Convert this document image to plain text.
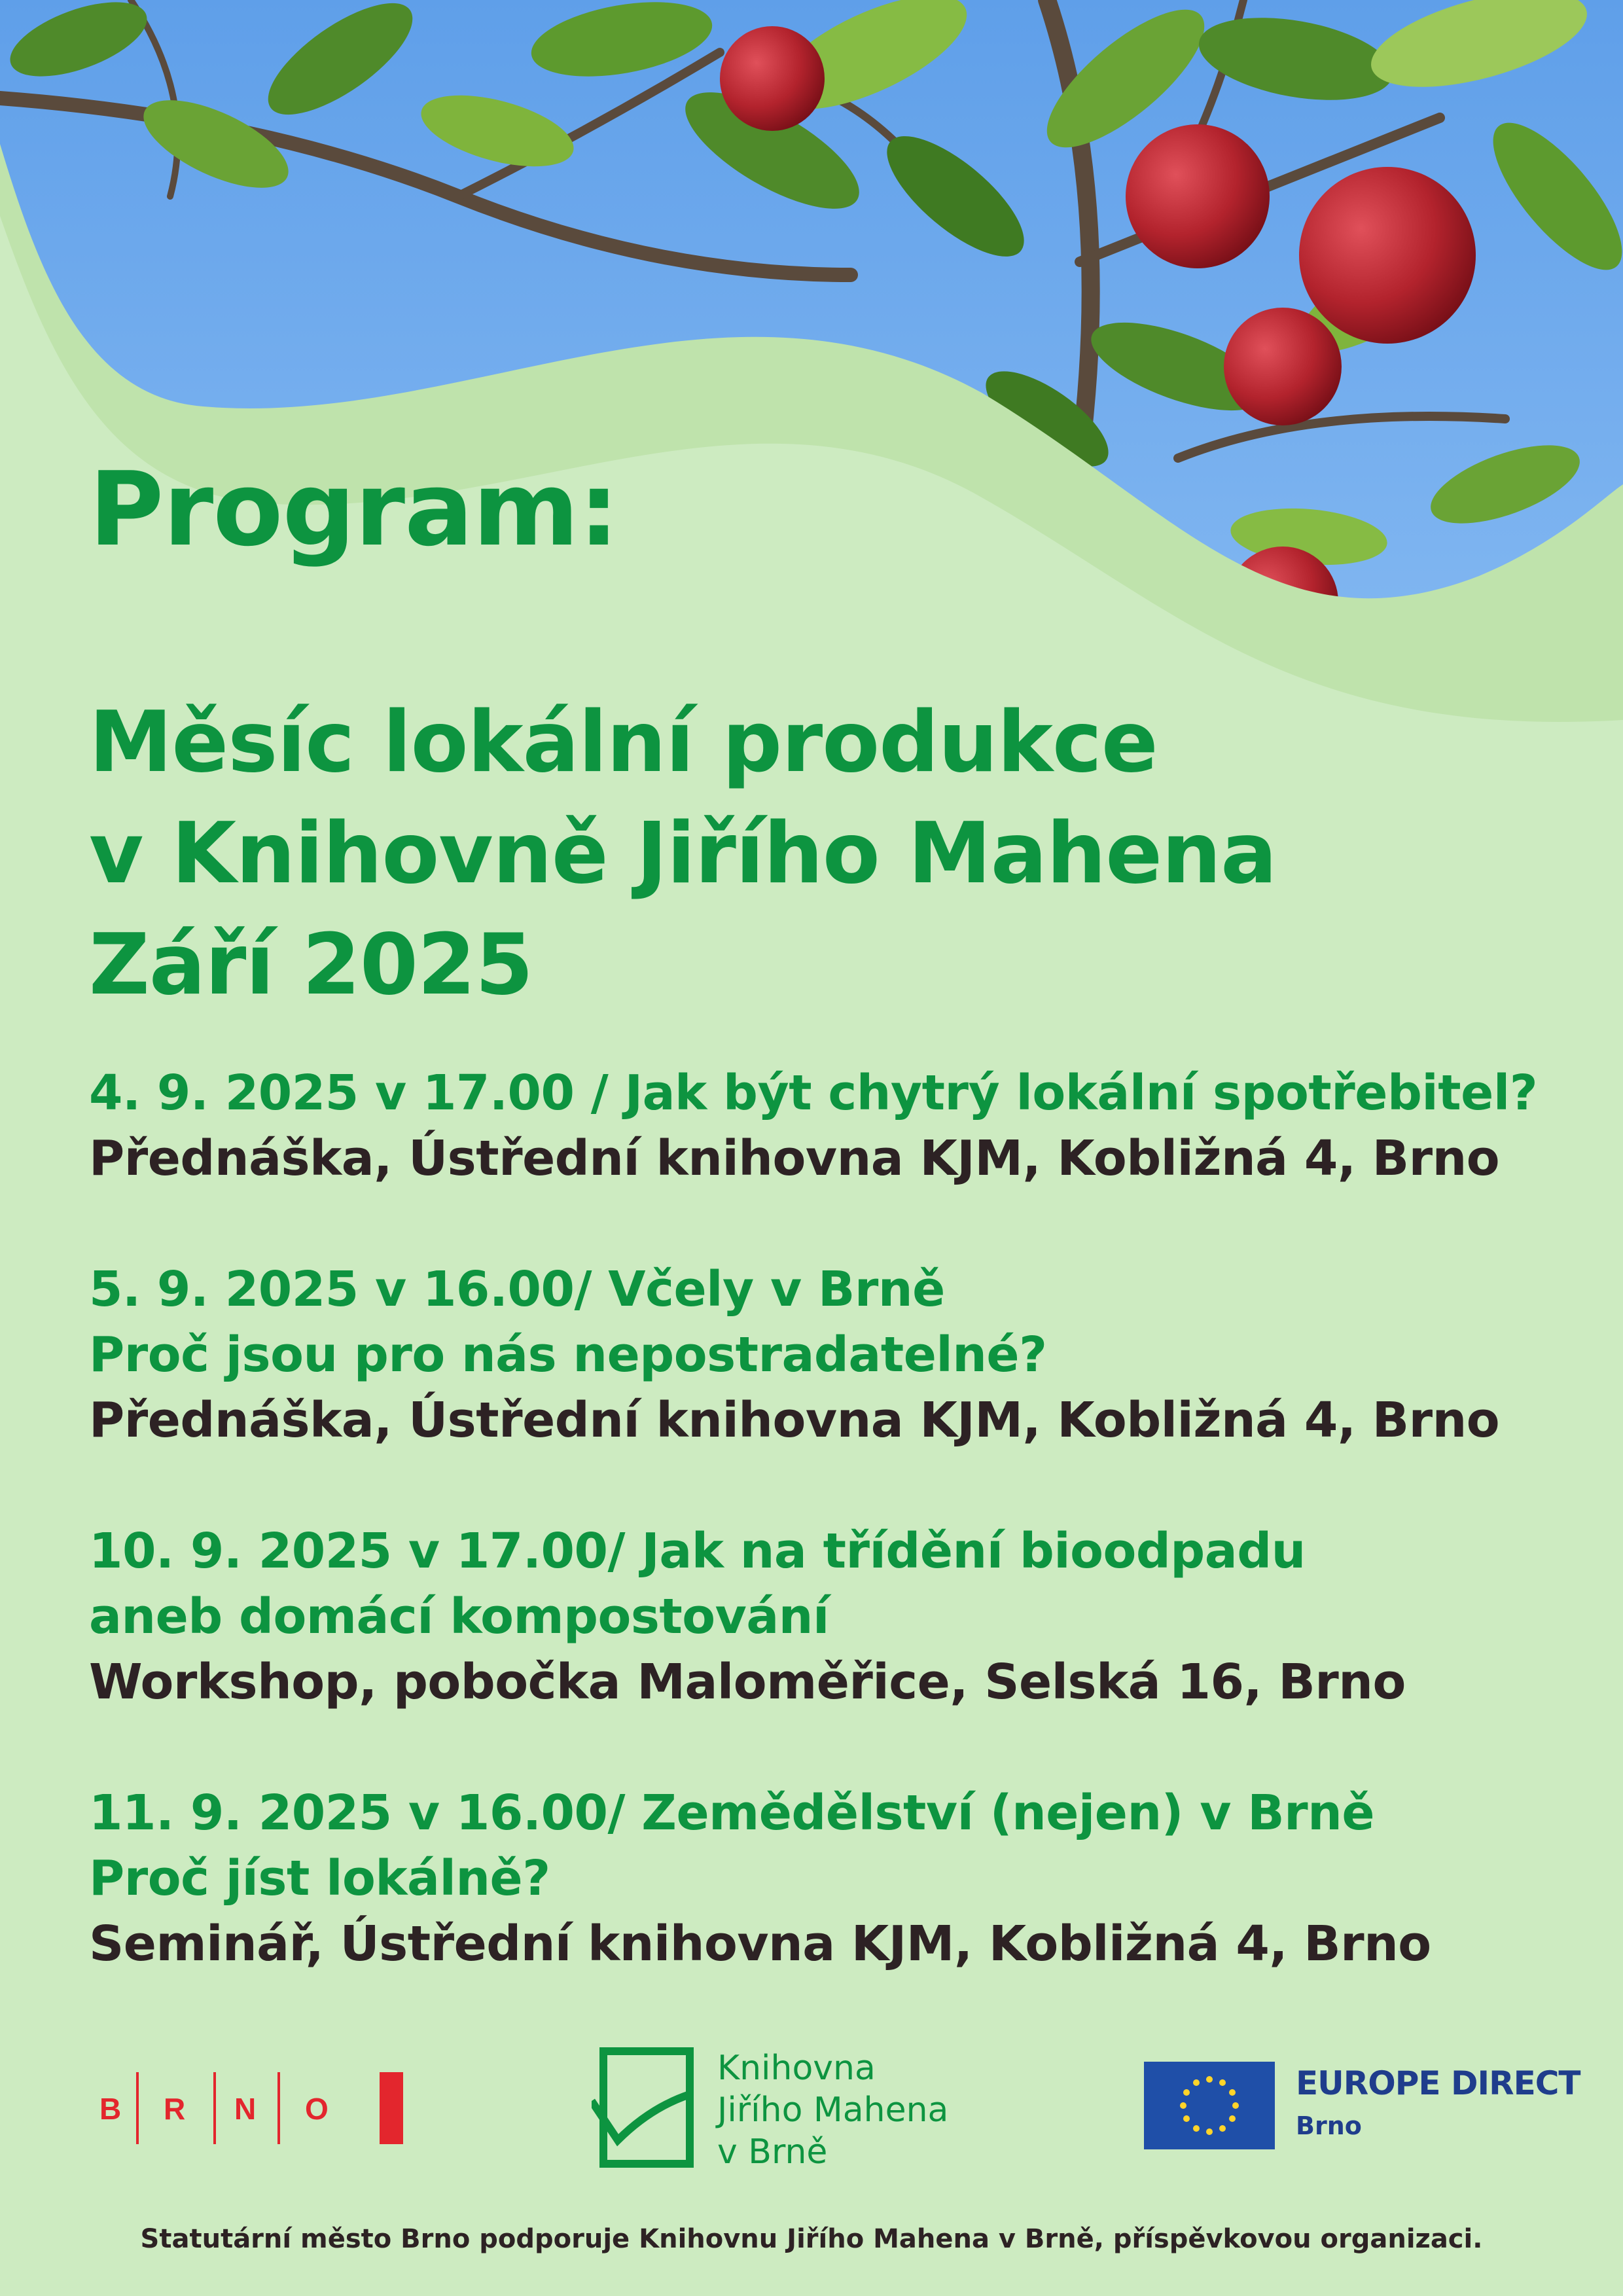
Program:
Měsíc lokální produkce
v Knihovně Jiřího Mahena
Září 2025
4. 9. 2025 v 17.00 / Jak být chytrý lokální spotřebitel?
Přednáška, Ústřední knihovna KJM, Kobližná 4, Brno
5. 9. 2025 v 16.00/ Včely v Brně
Proč jsou pro nás nepostradatelné?
Přednáška, Ústřední knihovna KJM, Kobližná 4, Brno
10. 9. 2025 v 17.00/ Jak na třídění bioodpadu
aneb domácí kompostování
Workshop, pobočka Maloměřice, Selská 16, Brno
11. 9. 2025 v 16.00/ Zemědělství (nejen) v Brně
Proč jíst lokálně?
Seminář, Ústřední knihovna KJM, Kobližná 4, Brno
B R N O
Knihovna
Jiřího Mahena
v Brně

EUROPE DIRECT

Brno

Statutární město Brno podporuje Knihovnu Jiřího Mahena v Brně, příspěvkovou organizaci.
